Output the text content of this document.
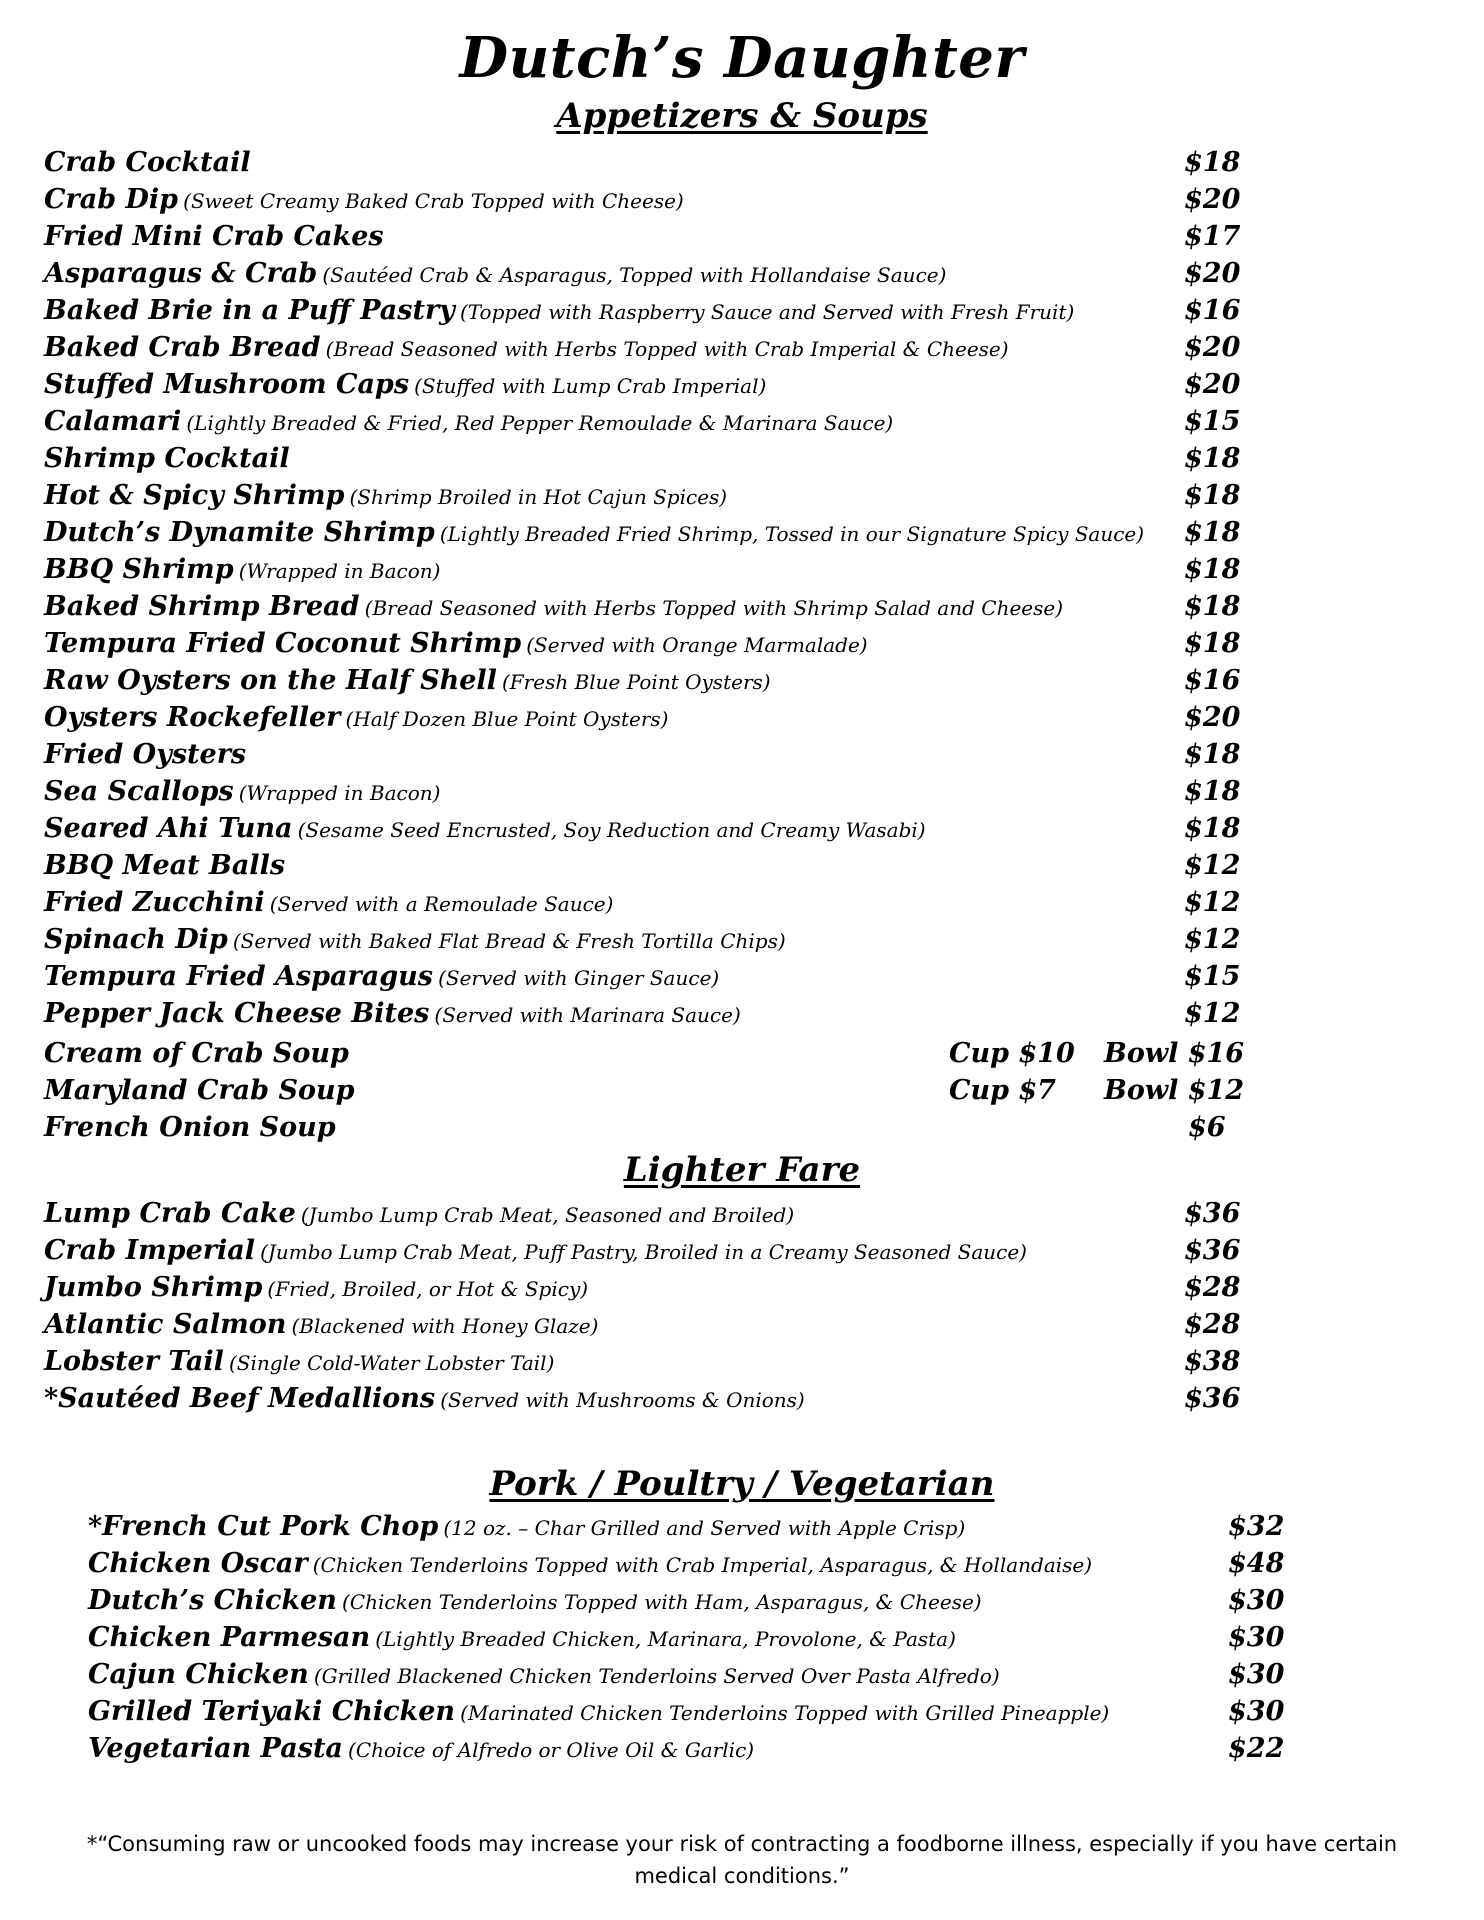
Dutch’s Daughter
Appetizers & Soups
Crab Cocktail	$18
Crab Dip (Sweet Creamy Baked Crab Topped with Cheese)	$20
Fried Mini Crab Cakes	$17
Asparagus & Crab (Sautéed Crab & Asparagus, Topped with Hollandaise Sauce)	$20
Baked Brie in a Puff Pastry (Topped with Raspberry Sauce and Served with Fresh Fruit)	$16
Baked Crab Bread (Bread Seasoned with Herbs Topped with Crab Imperial & Cheese)	$20
Stuffed Mushroom Caps (Stuffed with Lump Crab Imperial)	$20
Calamari (Lightly Breaded & Fried, Red Pepper Remoulade & Marinara Sauce)	$15
Shrimp Cocktail	$18
Hot & Spicy Shrimp (Shrimp Broiled in Hot Cajun Spices)	$18
Dutch’s Dynamite Shrimp (Lightly Breaded Fried Shrimp, Tossed in our Signature Spicy Sauce) $18
BBQ Shrimp (Wrapped in Bacon)	$18
Baked Shrimp Bread (Bread Seasoned with Herbs Topped with Shrimp Salad and Cheese)	$18
Tempura Fried Coconut Shrimp (Served with Orange Marmalade)	$18
Raw Oysters on the Half Shell (Fresh Blue Point Oysters)	$16
Oysters Rockefeller (Half Dozen Blue Point Oysters)	$20
Fried Oysters	$18
Sea Scallops (Wrapped in Bacon)	$18
Seared Ahi Tuna (Sesame Seed Encrusted, Soy Reduction and Creamy Wasabi)	$18
BBQ Meat Balls	$12
Fried Zucchini (Served with a Remoulade Sauce)	$12
Spinach Dip (Served with Baked Flat Bread & Fresh Tortilla Chips)	$12
Tempura Fried Asparagus (Served with Ginger Sauce)	$15
Pepper Jack Cheese Bites (Served with Marinara Sauce)	$12
Cream of Crab Soup	Cup $10 Bowl $16
Maryland Crab Soup	Cup $7 Bowl $12
French Onion Soup	$6
Lighter Fare
Lump Crab Cake (Jumbo Lump Crab Meat, Seasoned and Broiled)	$36
Crab Imperial (Jumbo Lump Crab Meat, Puff Pastry, Broiled in a Creamy Seasoned Sauce)	$36
Jumbo Shrimp (Fried, Broiled, or Hot & Spicy)	$28
Atlantic Salmon (Blackened with Honey Glaze)	$28
Lobster Tail (Single Cold-Water Lobster Tail)	$38
*Sautéed Beef Medallions (Served with Mushrooms & Onions)	$36
Pork / Poultry / Vegetarian
*French Cut Pork Chop (12 oz. – Char Grilled and Served with Apple Crisp)	$32
Chicken Oscar (Chicken Tenderloins Topped with Crab Imperial, Asparagus, & Hollandaise)	$48
Dutch’s Chicken (Chicken Tenderloins Topped with Ham, Asparagus, & Cheese)	$30
Chicken Parmesan (Lightly Breaded Chicken, Marinara, Provolone, & Pasta)	$30
Cajun Chicken (Grilled Blackened Chicken Tenderloins Served Over Pasta Alfredo)	$30
Grilled Teriyaki Chicken (Marinated Chicken Tenderloins Topped with Grilled Pineapple)	$30
Vegetarian Pasta (Choice of Alfredo or Olive Oil & Garlic)	$22
*“Consuming raw or uncooked foods may increase your risk of contracting a foodborne illness, especially if you have certain medical conditions.”
